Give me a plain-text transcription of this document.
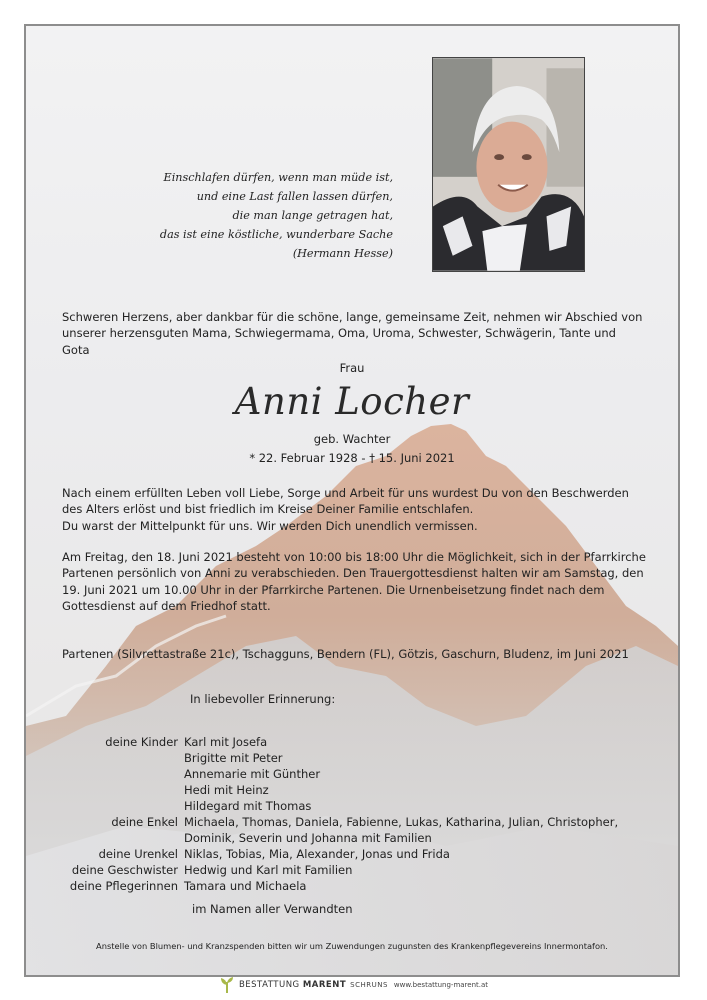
Einschlafen dürfen, wenn man müde ist,
und eine Last fallen lassen dürfen,
die man lange getragen hat,
das ist eine köstliche, wunderbare Sache
(Hermann Hesse)
Schweren Herzens, aber dankbar für die schöne, lange, gemeinsame Zeit, nehmen wir Abschied von unserer herzensguten Mama, Schwiegermama, Oma, Uroma, Schwester, Schwägerin, Tante und Gota
Frau
Anni Locher
geb. Wachter
* 22. Februar 1928 - † 15. Juni 2021
Nach einem erfüllten Leben voll Liebe, Sorge und Arbeit für uns wurdest Du von den Beschwerden des Alters erlöst und bist friedlich im Kreise Deiner Familie entschlafen.
Du warst der Mittelpunkt für uns. Wir werden Dich unendlich vermissen.
Am Freitag, den 18. Juni 2021 besteht von 10:00 bis 18:00 Uhr die Möglichkeit, sich in der Pfarrkirche Partenen persönlich von Anni zu verabschieden. Den Trauergottesdienst halten wir am Samstag, den 19. Juni 2021 um 10.00 Uhr in der Pfarrkirche Partenen. Die Urnenbeisetzung findet nach dem Gottesdienst auf dem Friedhof statt.
Partenen (Silvrettastraße 21c), Tschagguns, Bendern (FL), Götzis, Gaschurn, Bludenz, im Juni 2021
In liebevoller Erinnerung:
deine Kinder Karl mit Josefa
Brigitte mit Peter
Annemarie mit Günther
Hedi mit Heinz
Hildegard mit Thomas
deine Enkel Michaela, Thomas, Daniela, Fabienne, Lukas, Katharina, Julian, Christopher,
Dominik, Severin und Johanna mit Familien
deine Urenkel Niklas, Tobias, Mia, Alexander, Jonas und Frida
deine Geschwister Hedwig und Karl mit Familien
deine Pflegerinnen Tamara und Michaela
im Namen aller Verwandten
Anstelle von Blumen- und Kranzspenden bitten wir um Zuwendungen zugunsten des Krankenpflegevereins Innermontafon.
BESTATTUNG MARENT SCHRUNS www.bestattung-marent.at
